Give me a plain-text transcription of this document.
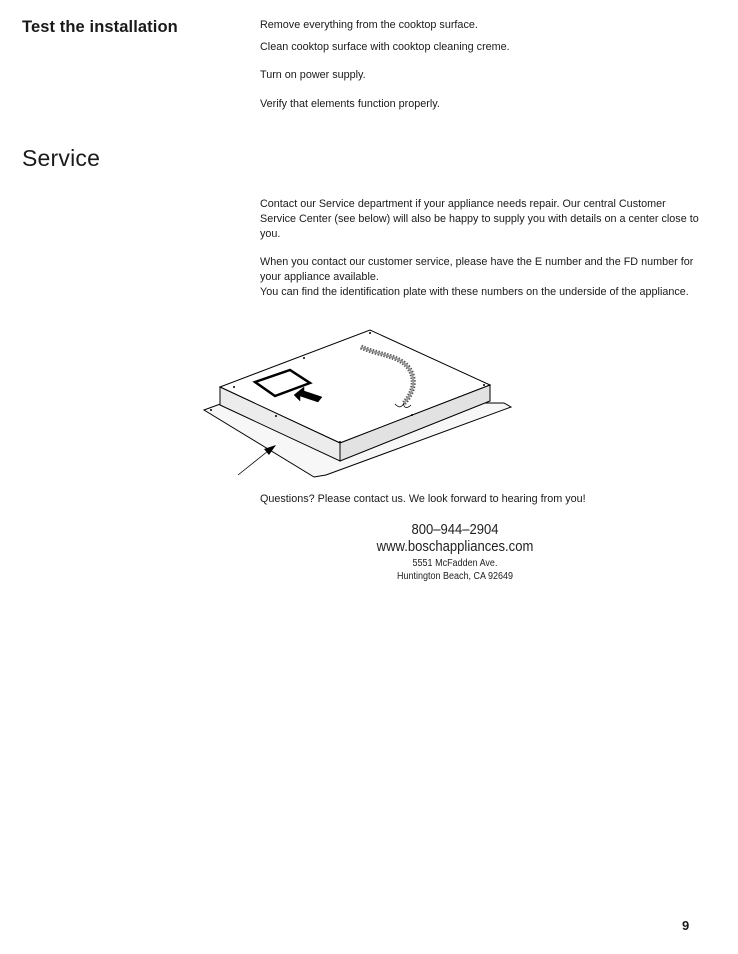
Test the installation	Remove everything from the cooktop surface.

Clean cooktop surface with cooktop cleaning creme.

Turn on power supply.

Verify that elements function properly.

Service

Contact our Service department if your appliance needs repair. Our central Customer Service Center (see below) will also be happy to supply you with details on a center close to you.

When you contact our customer service, please have the E number and the FD number for your appliance available.
You can find the identification plate with these numbers on the underside of the appliance.

Questions? Please contact us. We look forward to hearing from you!

800–944–2904
www.boschappliances.com
5551 McFadden Ave.
Huntington Beach, CA 92649
9
